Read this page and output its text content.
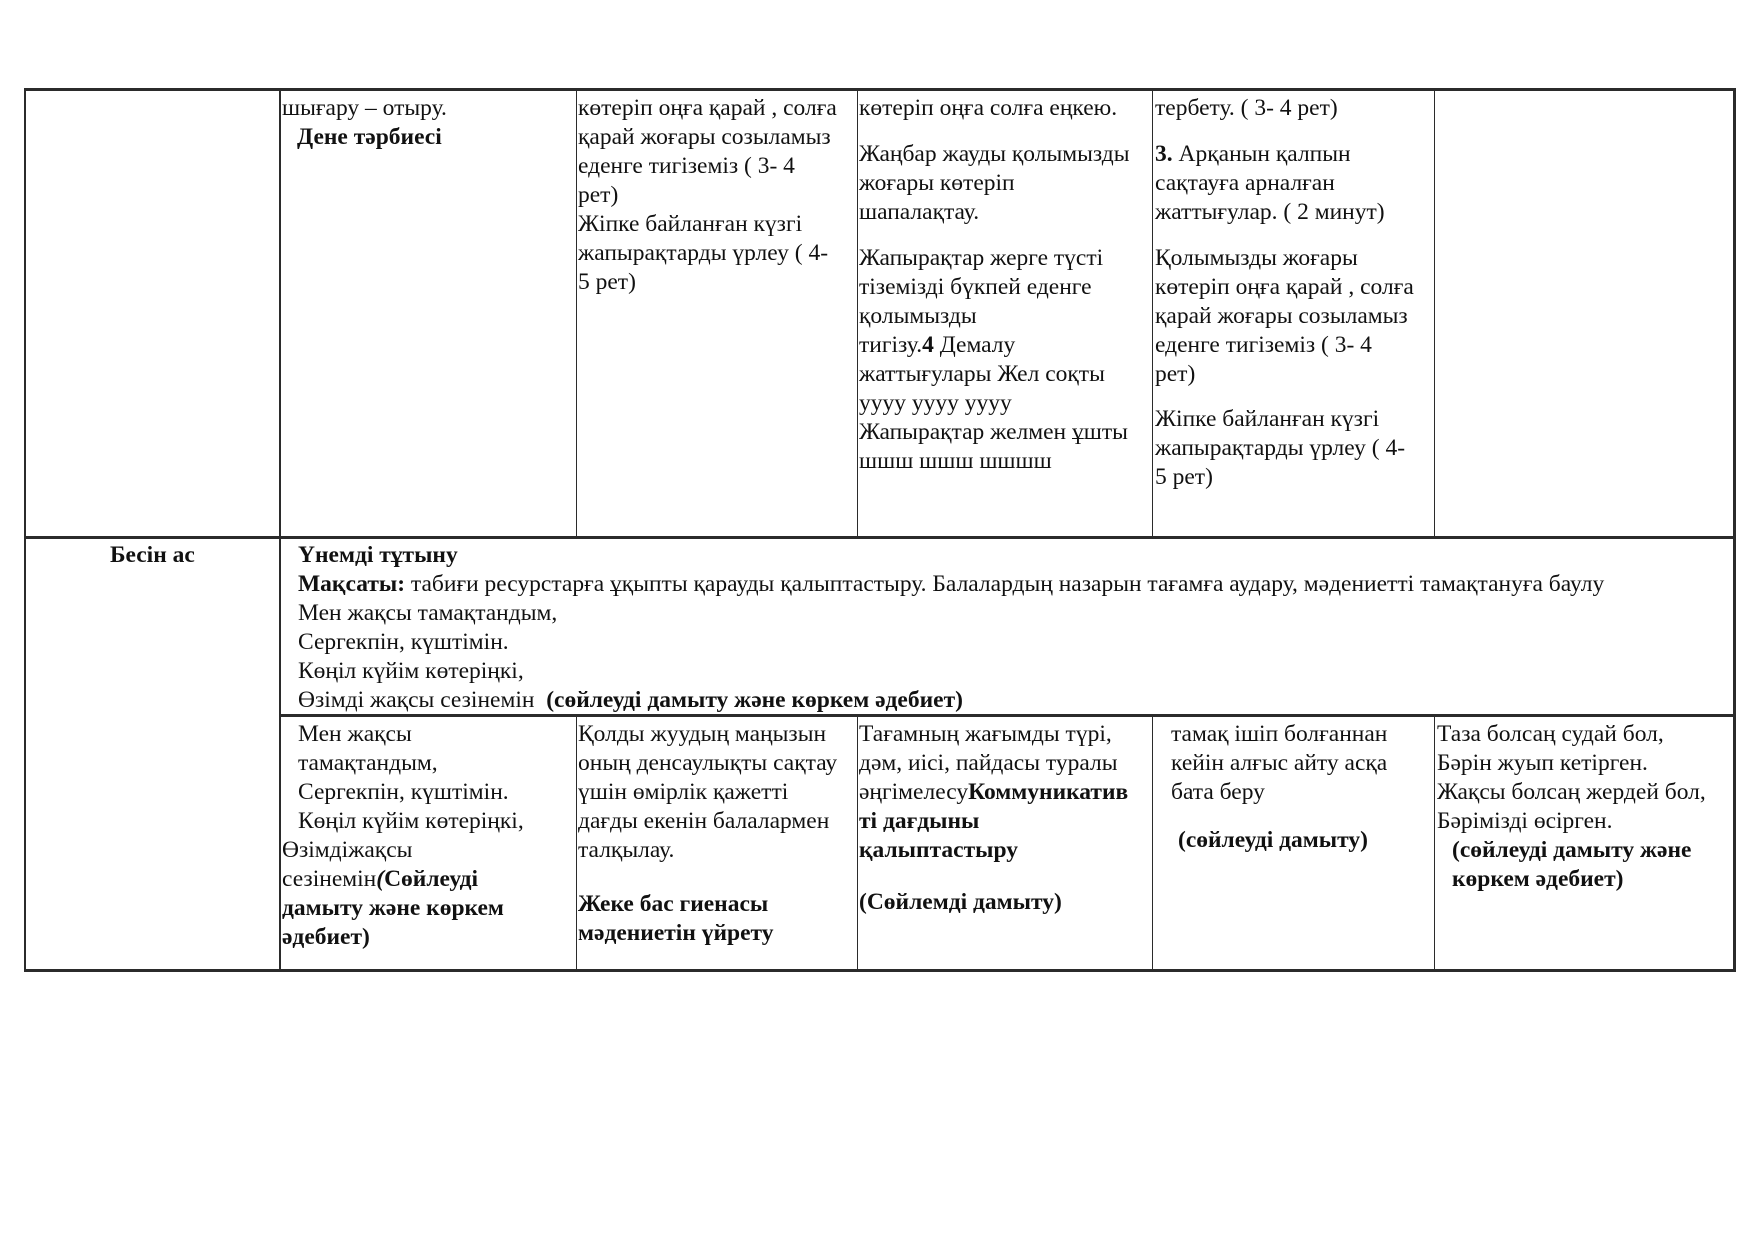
шығару – отыру.
Дене тәрбиесі
көтеріп оңға қарай , солға
қарай жоғары созыламыз
еденге тигіземіз ( 3- 4
рет)
Жіпке байланған күзгі
жапырақтарды үрлеу ( 4-
5 рет)
көтеріп оңға солға еңкею.
Жаңбар жауды қолымызды
жоғары көтеріп
шапалақтау.
Жапырақтар жерге түсті
тіземізді бүкпей еденге
қолымызды
тигізу.4 Демалу
жаттығулары Жел соқты
уууу уууу уууу
Жапырақтар желмен ұшты
шшш шшш шшшш
тербету. ( 3- 4 рет)
3. Арқанын қалпын
сақтауға арналған
жаттығулар. ( 2 минут)
Қолымызды жоғары
көтеріп оңға қарай , солға
қарай жоғары созыламыз
еденге тигіземіз ( 3- 4
рет)
Жіпке байланған күзгі
жапырақтарды үрлеу ( 4-
5 рет)
Бесін ас	Үнемді тұтыну
Мақсаты: табиғи ресурстарға ұқыпты қарауды қалыптастыру. Балалардың назарын тағамға аудару, мәдениетті тамақтануға баулу
Мен жақсы тамақтандым,
Сергекпін, күштімін.
Көңіл күйім көтеріңкі,
Өзімді жақсы сезінемін (сөйлеуді дамыту және көркем әдебиет)
Мен жақсы
тамақтандым,
Сергекпін, күштімін.
Көңіл күйім көтеріңкі,
Өзімдіжақсы
сезінемін(Сөйлеуді
дамыту және көркем
әдебиет)
Қолды жуудың маңызын
оның денсаулықты сақтау
үшін өмірлік қажетті
дағды екенін балалармен
талқылау.
Жеке бас гиенасы
мәдениетін үйрету
Тағамның жағымды түрі,
дәм, иісі, пайдасы туралы
әңгімелесуКоммуникатив
ті дағдыны
қалыптастыру
(Сөйлемді дамыту)
тамақ ішіп болғаннан
кейін алғыс айту асқа
бата беру
(сөйлеуді дамыту)
Таза болсаң судай бол,
Бәрін жуып кетірген.
Жақсы болсаң жердей бол,
Бәрімізді өсірген.
(сөйлеуді дамыту және
көркем әдебиет)
